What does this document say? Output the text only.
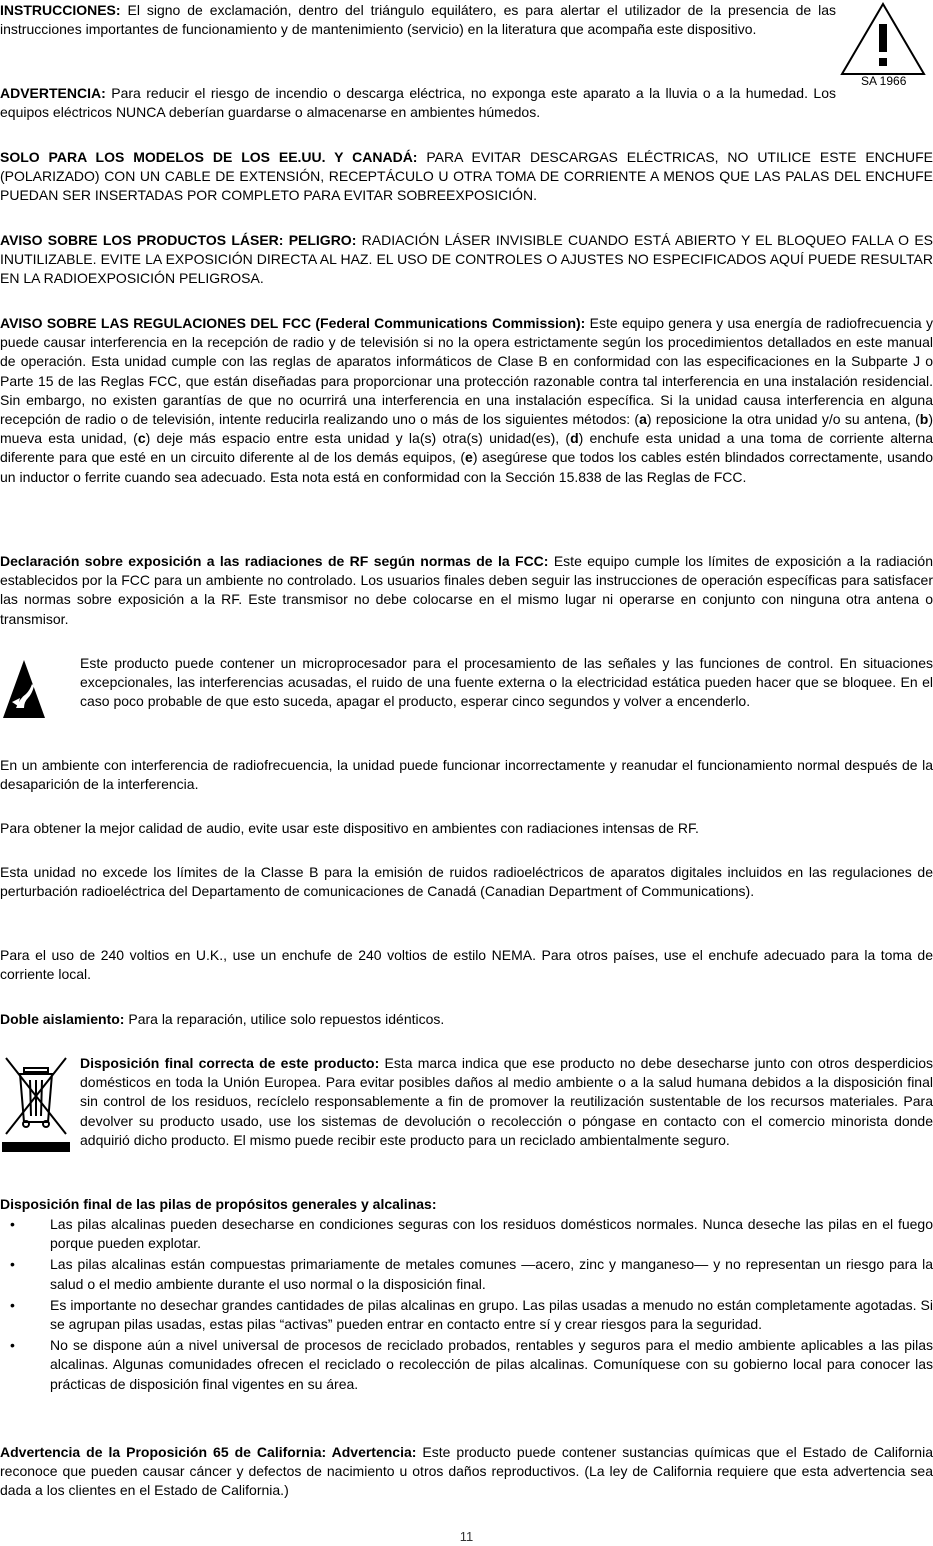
INSTRUCCIONES: El signo de exclamación, dentro del triángulo equilátero, es para alertar el utilizador de la presencia de las instrucciones importantes de funcionamiento y de mantenimiento (servicio) en la literatura que acompaña este dispositivo.
SA 1966
ADVERTENCIA: Para reducir el riesgo de incendio o descarga eléctrica, no exponga este aparato a la lluvia o a la humedad. Los equipos eléctricos NUNCA deberían guardarse o almacenarse en ambientes húmedos.
SOLO PARA LOS MODELOS DE LOS EE.UU. Y CANADÁ: PARA EVITAR DESCARGAS ELÉCTRICAS, NO UTILICE ESTE ENCHUFE (POLARIZADO) CON UN CABLE DE EXTENSIÓN, RECEPTÁCULO U OTRA TOMA DE CORRIENTE A MENOS QUE LAS PALAS DEL ENCHUFE PUEDAN SER INSERTADAS POR COMPLETO PARA EVITAR SOBREEXPOSICIÓN.
AVISO SOBRE LOS PRODUCTOS LÁSER: PELIGRO: RADIACIÓN LÁSER INVISIBLE CUANDO ESTÁ ABIERTO Y EL BLOQUEO FALLA O ES INUTILIZABLE. EVITE LA EXPOSICIÓN DIRECTA AL HAZ. EL USO DE CONTROLES O AJUSTES NO ESPECIFICADOS AQUÍ PUEDE RESULTAR EN LA RADIOEXPOSICIÓN PELIGROSA.
AVISO SOBRE LAS REGULACIONES DEL FCC (Federal Communications Commission): Este equipo genera y usa energía de radiofrecuencia y puede causar interferencia en la recepción de radio y de televisión si no la opera estrictamente según los procedimientos detallados en este manual de operación. Esta unidad cumple con las reglas de aparatos informáticos de Clase B en conformidad con las especificaciones en la Subparte J o Parte 15 de las Reglas FCC, que están diseñadas para proporcionar una protección razonable contra tal interferencia en una instalación residencial. Sin embargo, no existen garantías de que no ocurrirá una interferencia en una instalación específica. Si la unidad causa interferencia en alguna recepción de radio o de televisión, intente reducirla realizando uno o más de los siguientes métodos: (a) reposicione la otra unidad y/o su antena, (b) mueva esta unidad, (c) deje más espacio entre esta unidad y la(s) otra(s) unidad(es), (d) enchufe esta unidad a una toma de corriente alterna diferente para que esté en un circuito diferente al de los demás equipos, (e) asegúrese que todos los cables estén blindados correctamente, usando un inductor o ferrite cuando sea adecuado. Esta nota está en conformidad con la Sección 15.838 de las Reglas de FCC.
Declaración sobre exposición a las radiaciones de RF según normas de la FCC: Este equipo cumple los límites de exposición a la radiación establecidos por la FCC para un ambiente no controlado. Los usuarios finales deben seguir las instrucciones de operación específicas para satisfacer las normas sobre exposición a la RF. Este transmisor no debe colocarse en el mismo lugar ni operarse en conjunto con ninguna otra antena o transmisor.
Este producto puede contener un microprocesador para el procesamiento de las señales y las funciones de control. En situaciones excepcionales, las interferencias acusadas, el ruido de una fuente externa o la electricidad estática pueden hacer que se bloquee. En el caso poco probable de que esto suceda, apagar el producto, esperar cinco segundos y volver a encenderlo.
En un ambiente con interferencia de radiofrecuencia, la unidad puede funcionar incorrectamente y reanudar el funcionamiento normal después de la desaparición de la interferencia.
Para obtener la mejor calidad de audio, evite usar este dispositivo en ambientes con radiaciones intensas de RF.
Esta unidad no excede los límites de la Classe B para la emisión de ruidos radioeléctricos de aparatos digitales incluidos en las regulaciones de perturbación radioeléctrica del Departamento de comunicaciones de Canadá (Canadian Department of Communications).
Para el uso de 240 voltios en U.K., use un enchufe de 240 voltios de estilo NEMA. Para otros países, use el enchufe adecuado para la toma de corriente local.
Doble aislamiento: Para la reparación, utilice solo repuestos idénticos.
Disposición final correcta de este producto: Esta marca indica que ese producto no debe desecharse junto con otros desperdicios domésticos en toda la Unión Europea. Para evitar posibles daños al medio ambiente o a la salud humana debidos a la disposición final sin control de los residuos, recíclelo responsablemente a fin de promover la reutilización sustentable de los recursos materiales. Para devolver su producto usado, use los sistemas de devolución o recolección o póngase en contacto con el comercio minorista donde adquirió dicho producto. El mismo puede recibir este producto para un reciclado ambientalmente seguro.
Disposición final de las pilas de propósitos generales y alcalinas:
•	Las pilas alcalinas pueden desecharse en condiciones seguras con los residuos domésticos normales. Nunca deseche las pilas en el fuego porque pueden explotar.
•	Las pilas alcalinas están compuestas primariamente de metales comunes —acero, zinc y manganeso— y no representan un riesgo para la salud o el medio ambiente durante el uso normal o la disposición final.
•	Es importante no desechar grandes cantidades de pilas alcalinas en grupo. Las pilas usadas a menudo no están completamente agotadas. Si se agrupan pilas usadas, estas pilas “activas” pueden entrar en contacto entre sí y crear riesgos para la seguridad.
•	No se dispone aún a nivel universal de procesos de reciclado probados, rentables y seguros para el medio ambiente aplicables a las pilas alcalinas. Algunas comunidades ofrecen el reciclado o recolección de pilas alcalinas. Comuníquese con su gobierno local para conocer las prácticas de disposición final vigentes en su área.
Advertencia de la Proposición 65 de California: Advertencia: Este producto puede contener sustancias químicas que el Estado de California reconoce que pueden causar cáncer y defectos de nacimiento u otros daños reproductivos. (La ley de California requiere que esta advertencia sea dada a los clientes en el Estado de California.)
11
